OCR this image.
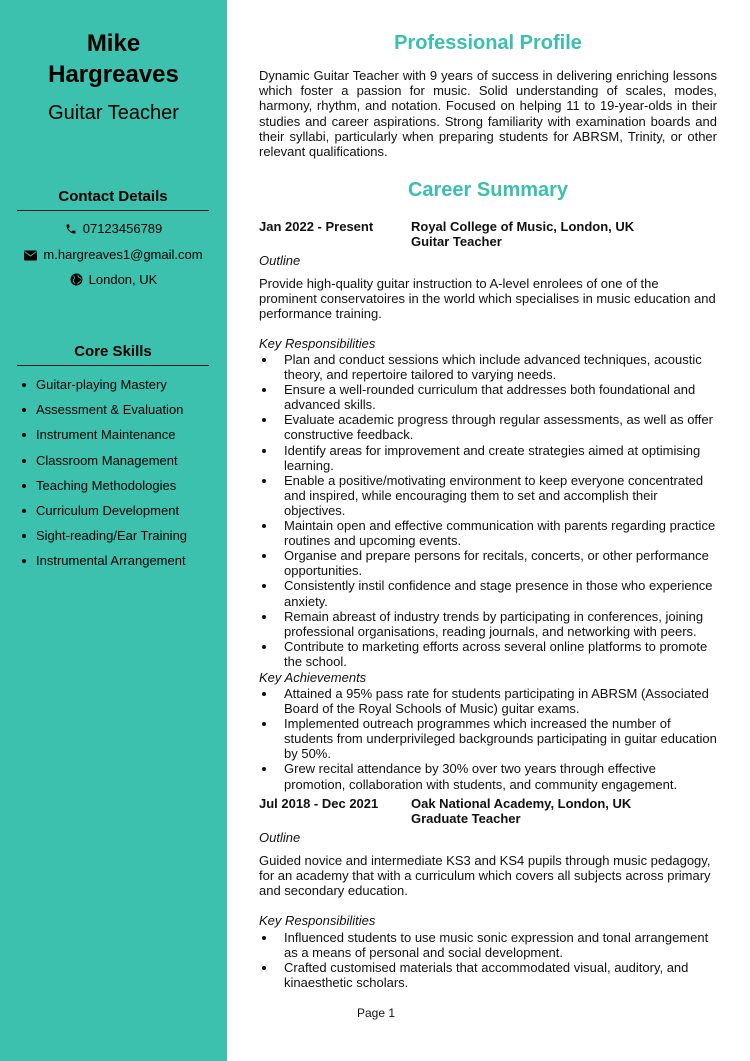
Mike
Hargreaves
Guitar Teacher
Contact Details
07123456789
m.hargreaves1@gmail.com
London, UK
Core Skills
Guitar-playing Mastery
Assessment & Evaluation
Instrument Maintenance
Classroom Management
Teaching Methodologies
Curriculum Development
Sight-reading/Ear Training
Instrumental Arrangement
Professional Profile
Dynamic Guitar Teacher with 9 years of success in delivering enriching lessons which foster a passion for music. Solid understanding of scales, modes, harmony, rhythm, and notation. Focused on helping 11 to 19-year-olds in their studies and career aspirations. Strong familiarity with examination boards and their syllabi, particularly when preparing students for ABRSM, Trinity, or other relevant qualifications.
Career Summary
Jan 2022 - Present	Royal College of Music, London, UK
Guitar Teacher
Outline
Provide high-quality guitar instruction to A-level enrolees of one of the prominent conservatoires in the world which specialises in music education and performance training.
Key Responsibilities
Plan and conduct sessions which include advanced techniques, acoustic theory, and repertoire tailored to varying needs.
Ensure a well-rounded curriculum that addresses both foundational and advanced skills.
Evaluate academic progress through regular assessments, as well as offer constructive feedback.
Identify areas for improvement and create strategies aimed at optimising learning.
Enable a positive/motivating environment to keep everyone concentrated and inspired, while encouraging them to set and accomplish their objectives.
Maintain open and effective communication with parents regarding practice routines and upcoming events.
Organise and prepare persons for recitals, concerts, or other performance opportunities.
Consistently instil confidence and stage presence in those who experience anxiety.
Remain abreast of industry trends by participating in conferences, joining professional organisations, reading journals, and networking with peers.
Contribute to marketing efforts across several online platforms to promote the school.
Key Achievements
Attained a 95% pass rate for students participating in ABRSM (Associated Board of the Royal Schools of Music) guitar exams.
Implemented outreach programmes which increased the number of students from underprivileged backgrounds participating in guitar education by 50%.
Grew recital attendance by 30% over two years through effective promotion, collaboration with students, and community engagement.
Jul 2018 - Dec 2021	Oak National Academy, London, UK
Graduate Teacher
Outline
Guided novice and intermediate KS3 and KS4 pupils through music pedagogy, for an academy that with a curriculum which covers all subjects across primary and secondary education.
Key Responsibilities
Influenced students to use music sonic expression and tonal arrangement as a means of personal and social development.
Crafted customised materials that accommodated visual, auditory, and kinaesthetic scholars.
Page 1
